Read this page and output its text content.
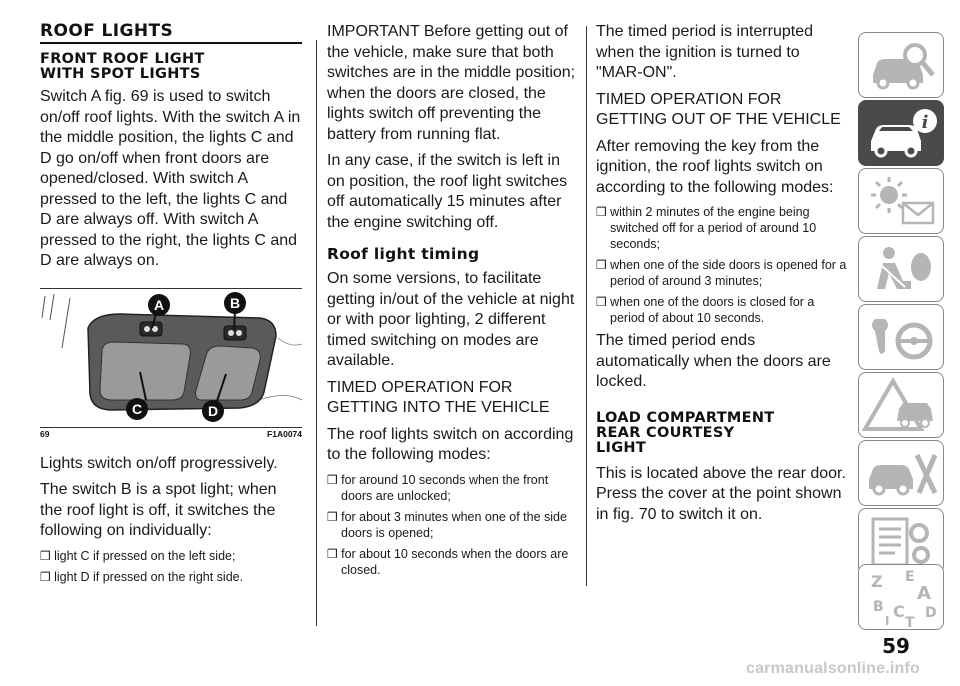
ROOF LIGHTS
FRONT ROOF LIGHT
WITH SPOT LIGHTS
Switch A fig. 69 is used to switch on/off roof lights. With the switch A in the middle position, the lights C and D go on/off when front doors are opened/closed. With switch A pressed to the left, the lights C and D are always off. With switch A pressed to the right, the lights C and D are always on.
A	B
C	D
69	F1A0074
Lights switch on/off progressively.
The switch B is a spot light; when the roof light is off, it switches the following on individually:
❒ light C if pressed on the left side;
❒ light D if pressed on the right side.
IMPORTANT Before getting out of the vehicle, make sure that both switches are in the middle position; when the doors are closed, the lights switch off preventing the battery from running flat.
In any case, if the switch is left in on position, the roof light switches off automatically 15 minutes after the engine switching off.
Roof light timing
On some versions, to facilitate getting in/out of the vehicle at night or with poor lighting, 2 different timed switching on modes are available.
TIMED OPERATION FOR GETTING INTO THE VEHICLE
The roof lights switch on according to the following modes:
❒ for around 10 seconds when the front doors are unlocked;
❒ for about 3 minutes when one of the side doors is opened;
❒ for about 10 seconds when the doors are closed.
The timed period is interrupted when the ignition is turned to "MAR-ON".
TIMED OPERATION FOR GETTING OUT OF THE VEHICLE
After removing the key from the ignition, the roof lights switch on according to the following modes:
❒ within 2 minutes of the engine being switched off for a period of around 10 seconds;
❒ when one of the side doors is opened for a period of around 3 minutes;
❒ when one of the doors is closed for a period of about 10 seconds.
The timed period ends automatically when the doors are locked.
LOAD COMPARTMENT
REAR COURTESY
LIGHT
This is located above the rear door. Press the cover at the point shown in fig. 70 to switch it on.
i
Z E
A
B C D
I T
59
carmanualsonline.info
